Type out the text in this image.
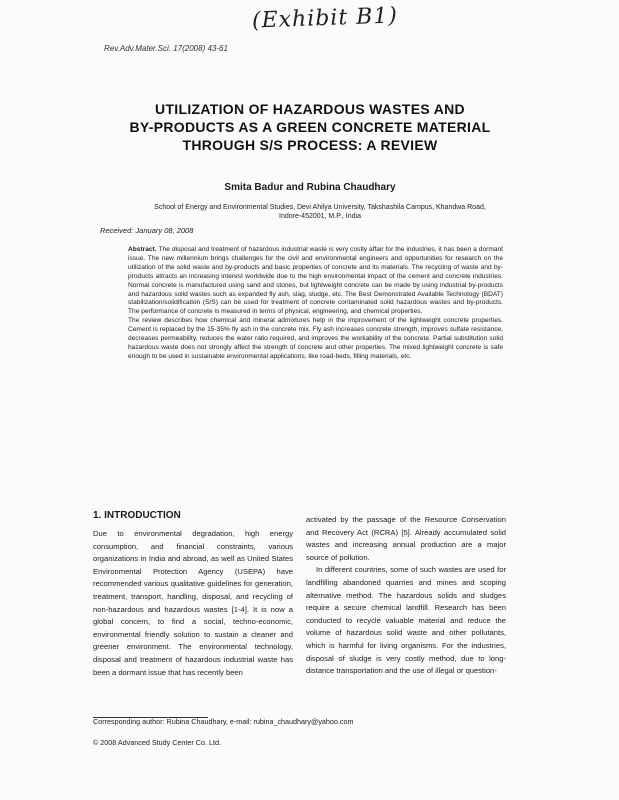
(Exhibit B1)
Rev.Adv.Mater.Sci. 17(2008) 43-61
UTILIZATION OF HAZARDOUS WASTES AND
BY-PRODUCTS AS A GREEN CONCRETE MATERIAL
THROUGH S/S PROCESS: A REVIEW
Smita Badur and Rubina Chaudhary
School of Energy and Environmental Studies, Devi Ahilya University, Takshashila Campus, Khandwa Road,
Indore-452001, M.P., India
Received: January 08, 2008

Abstract. The disposal and treatment of hazardous industrial waste is very costly affair for the industries, it has been a dormant issue. The new millennium brings challenges for the civil and environmental engineers and opportunities for research on the utilization of the solid waste and by-products and basic properties of concrete and its materials. The recycling of waste and by-products attracts an increasing interest worldwide due to the high environmental impact of the cement and concrete industries. Normal concrete is manufactured using sand and stones, but lightweight concrete can be made by using industrial by-products and hazardous solid wastes such as expanded fly ash, slag, sludge, etc. The Best Demonstrated Available Technology (BDAT) stabilization/solidification (S/S) can be used for treatment of concrete contaminated solid hazardous wastes and by-products. The performance of concrete is measured in terms of physical, engineering, and chemical properties.

The review describes how chemical and mineral admixtures help in the improvement of the lightweight concrete properties. Cement is replaced by the 15-35% fly ash in the concrete mix. Fly ash increases concrete strength, improves sulfate resistance, decreases permeability, reduces the water ratio required, and improves the workability of the concrete. Partial substitution solid hazardous waste does not strongly affect the strength of concrete and other properties. The mixed lightweight concrete is safe enough to be used in sustainable environmental applications, like road-beds, filling materials, etc.

1. INTRODUCTION

Due to environmental degradation, high energy consumption, and financial constraints, various organizations in India and abroad, as well as United States Environmental Protection Agency (USEPA) have recommended various qualitative guidelines for generation, treatment, transport, handling, disposal, and recycling of non-hazardous and hazardous wastes [1-4]. It is now a global concern, to find a social, techno-economic, environmental friendly solution to sustain a cleaner and greener environment. The environmental technology, disposal and treatment of hazardous industrial waste has been a dormant issue that has recently been

activated by the passage of the Resource Conservation and Recovery Act (RCRA) [5]. Already accumulated solid wastes and increasing annual production are a major source of pollution.

In different countries, some of such wastes are used for landfilling abandoned quarries and mines and scoping alternative method. The hazardous solids and sludges require a secure chemical landfill. Research has been conducted to recycle valuable material and reduce the volume of hazardous solid waste and other pollutants, which is harmful for living organisms. For the industries, disposal of sludge is very costly method, due to long-distance transportation and the use of illegal or question-

Corresponding author: Rubina Chaudhary, e-mail: rubina_chaudhary@yahoo.com
© 2008 Advanced Study Center Co. Ltd.
